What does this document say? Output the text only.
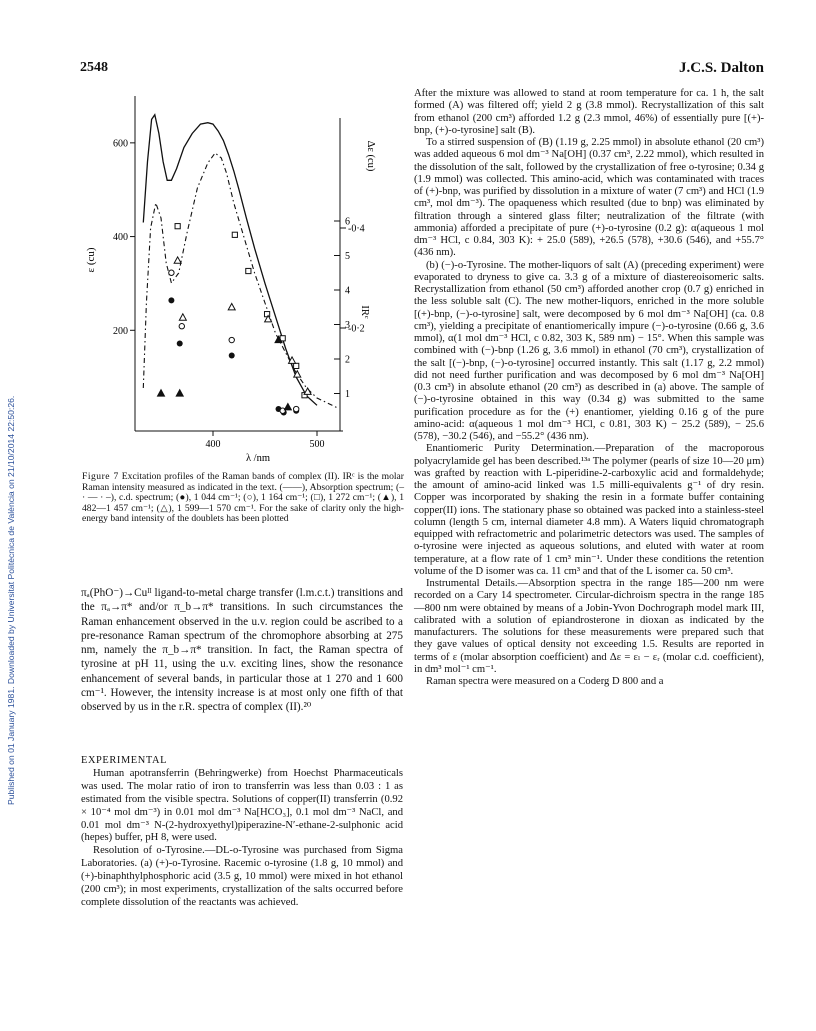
Published on 01 January 1981. Downloaded by Universitat Politècnica de València on 21/10/2014 22:50:26.
2548	J.C.S. Dalton
600
400
200
400	500
6
5
4
3
2
1
-0·4
-0·2
ε (cu)
Δε (cu)
IRᶜ
λ /nm
Figure 7 Excitation profiles of the Raman bands of complex (II). IRᶜ is the molar Raman intensity measured as indicated in the text. (——), Absorption spectrum; (– · — · –), c.d. spectrum; (●), 1 044 cm⁻¹; (○), 1 164 cm⁻¹; (□), 1 272 cm⁻¹; (▲), 1 482—1 457 cm⁻¹; (△), 1 599—1 570 cm⁻¹. For the sake of clarity only the high-energy band intensity of the doublets has been plotted

πₐ(PhO⁻)→Cuᴵᴵ ligand-to-metal charge transfer (l.m.c.t.) transitions and the πₐ→π* and/or π_b→π* transitions. In such circumstances the Raman enhancement observed in the u.v. region could be ascribed to a pre-resonance Raman spectrum of the chromophore absorbing at 275 nm, namely the π_b→π* transition. In fact, the Raman spectra of tyrosine at pH 11, using the u.v. exciting lines, show the resonance enhancement of several bands, in particular those at 1 270 and 1 600 cm⁻¹. However, the intensity increase is at most only one fifth of that observed by us in the r.R. spectra of complex (II).²⁰

EXPERIMENTAL

Human apotransferrin (Behringwerke) from Hoechst Pharmaceuticals was used. The molar ratio of iron to transferrin was less than 0.03 : 1 as estimated from the visible spectra. Solutions of copper(II) transferrin (0.92 × 10⁻⁴ mol dm⁻³) in 0.01 mol dm⁻³ Na[HCO₃], 0.1 mol dm⁻³ NaCl, and 0.01 mol dm⁻³ N-(2-hydroxyethyl)piperazine-N′-ethane-2-sulphonic acid (hepes) buffer, pH 8, were used.

Resolution of o-Tyrosine.—DL-o-Tyrosine was purchased from Sigma Laboratories. (a) (+)-o-Tyrosine. Racemic o-tyrosine (1.8 g, 10 mmol) and (+)-binaphthylphosphoric acid (3.5 g, 10 mmol) were mixed in hot ethanol (200 cm³); in most experiments, crystallization of the salts occurred before complete dissolution of the reactants was achieved.

After the mixture was allowed to stand at room temperature for ca. 1 h, the salt formed (A) was filtered off; yield 2 g (3.8 mmol). Recrystallization of this salt from ethanol (200 cm³) afforded 1.2 g (2.3 mmol, 46%) of essentially pure [(+)-bnp, (+)-o-tyrosine] salt (B).

To a stirred suspension of (B) (1.19 g, 2.25 mmol) in absolute ethanol (20 cm³) was added aqueous 6 mol dm⁻³ Na[OH] (0.37 cm³, 2.22 mmol), which resulted in the dissolution of the salt, followed by the crystallization of free o-tyrosine; 0.34 g (1.9 mmol) was collected. This amino-acid, which was contaminated with traces of (+)-bnp, was purified by dissolution in a mixture of water (7 cm³) and HCl (1.9 cm³, mol dm⁻³). The opaqueness which resulted (due to bnp) was eliminated by filtration through a sintered glass filter; neutralization of the filtrate (with ammonia) afforded a precipitate of pure (+)-o-tyrosine (0.2 g): α(aqueous 1 mol dm⁻³ HCl, c 0.84, 303 K): + 25.0 (589), +26.5 (578), +30.6 (546), and +55.7° (436 nm).

(b) (−)-o-Tyrosine. The mother-liquors of salt (A) (preceding experiment) were evaporated to dryness to give ca. 3.3 g of a mixture of diastereoisomeric salts. Recrystallization from ethanol (50 cm³) afforded another crop (0.7 g) enriched in the less soluble salt (C). The new mother-liquors, enriched in the more soluble [(+)-bnp, (−)-o-tyrosine] salt, were decomposed by 6 mol dm⁻³ Na[OH] (ca. 0.8 cm³), yielding a precipitate of enantiomerically impure (−)-o-tyrosine (0.66 g, 3.6 mmol), α(1 mol dm⁻³ HCl, c 0.82, 303 K, 589 nm) − 15°. When this sample was combined with (−)-bnp (1.26 g, 3.6 mmol) in ethanol (70 cm³), crystallization of the salt [(−)-bnp, (−)-o-tyrosine] occurred instantly. This salt (1.17 g, 2.2 mmol) did not need further purification and was decomposed by 6 mol dm⁻³ Na[OH] (0.3 cm³) in absolute ethanol (20 cm³) as described in (a) above. The sample of (−)-o-tyrosine obtained in this way (0.34 g) was submitted to the same purification procedure as for the (+) enantiomer, yielding 0.16 g of the pure amino-acid: α(aqueous 1 mol dm⁻³ HCl, c 0.81, 303 K) − 25.2 (589), − 25.6 (578), −30.2 (546), and −55.2° (436 nm).

Enantiomeric Purity Determination.—Preparation of the macroporous polyacrylamide gel has been described.¹³ᵃ The polymer (pearls of size 10—20 μm) was grafted by reaction with L-piperidine-2-carboxylic acid and formaldehyde; the amount of amino-acid linked was 1.5 milli-equivalents g⁻¹ of dry resin. Copper was incorporated by shaking the resin in a formate buffer containing copper(II) ions. The stationary phase so obtained was packed into a stainless-steel column (length 5 cm, internal diameter 4.8 mm). A Waters liquid chromatograph equipped with refractometric and polarimetric detectors was used. The samples of o-tyrosine were injected as aqueous solutions, and eluted with water at room temperature, at a flow rate of 1 cm³ min⁻¹. Under these conditions the retention volume of the D isomer was ca. 11 cm³ and that of the L isomer ca. 50 cm³.

Instrumental Details.—Absorption spectra in the range 185—200 nm were recorded on a Cary 14 spectrometer. Circular-dichroism spectra in the range 185—800 nm were obtained by means of a Jobin-Yvon Dochrograph model mark III, calibrated with a solution of epiandrosterone in dioxan as indicated by the manufacturers. The solutions for these measurements were prepared such that they gave values of optical density not exceeding 1.5. Results are reported in terms of ε (molar absorption coefficient) and Δε = εₗ − εᵣ (molar c.d. coefficient), in dm³ mol⁻¹ cm⁻¹.

Raman spectra were measured on a Coderg D 800 and a
